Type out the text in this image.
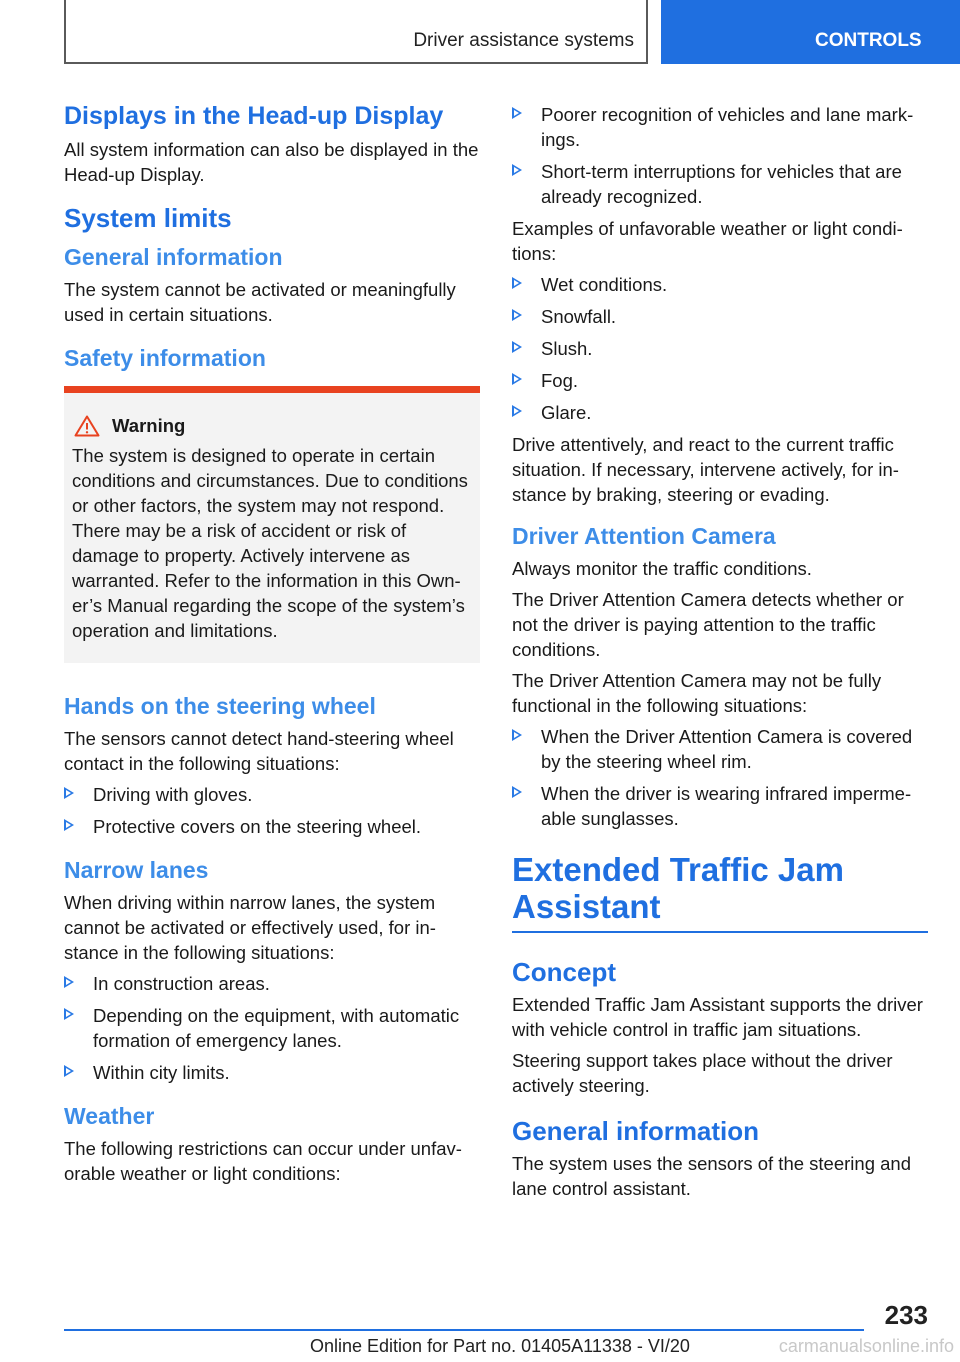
Driver assistance systems	CONTROLS
Displays in the Head-up Display

All system information can also be displayed in the Head-up Display.

System limits
General information

The system cannot be activated or meaningfully used in certain situations.

Safety information
Warning

The system is designed to operate in certain conditions and circumstances. Due to conditions or other factors, the system may not respond. There may be a risk of accident or risk of damage to property. Actively intervene as warranted. Refer to the information in this Owner’s Manual regarding the scope of the system’s operation and limitations.

Hands on the steering wheel

The sensors cannot detect hand-steering wheel contact in the following situations:

Driving with gloves.
Protective covers on the steering wheel.
Narrow lanes

When driving within narrow lanes, the system cannot be activated or effectively used, for instance in the following situations:

In construction areas.
Depending on the equipment, with automatic formation of emergency lanes.
Within city limits.
Weather

The following restrictions can occur under unfavorable weather or light conditions:

Poorer recognition of vehicles and lane markings.
Short-term interruptions for vehicles that are already recognized.

Examples of unfavorable weather or light conditions:

Wet conditions.
Snowfall.
Slush.
Fog.
Glare.

Drive attentively, and react to the current traffic situation. If necessary, intervene actively, for instance by braking, steering or evading.

Driver Attention Camera

Always monitor the traffic conditions.

The Driver Attention Camera detects whether or not the driver is paying attention to the traffic conditions.

The Driver Attention Camera may not be fully functional in the following situations:

When the Driver Attention Camera is covered by the steering wheel rim.
When the driver is wearing infrared impermeable sunglasses.
Extended Traffic Jam Assistant
Concept

Extended Traffic Jam Assistant supports the driver with vehicle control in traffic jam situations.

Steering support takes place without the driver actively steering.

General information

The system uses the sensors of the steering and lane control assistant.

233
Online Edition for Part no. 01405A11338 - VI/20	carmanualsonline.info
